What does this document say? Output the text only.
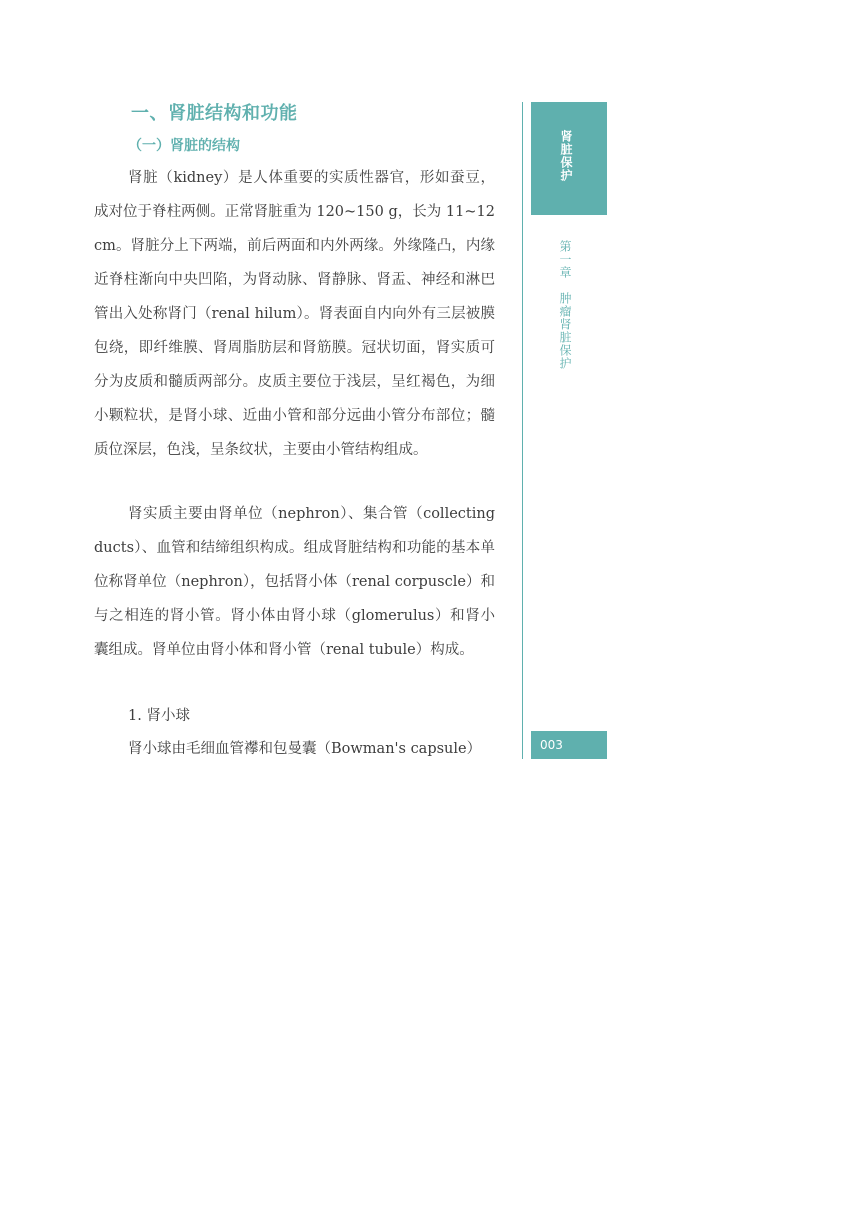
一、肾脏结构和功能
（一）肾脏的结构

肾脏（kidney）是人体重要的实质性器官，形如蚕豆，成对位于脊柱两侧。正常肾脏重为 120~150 g，长为 11~12 cm。肾脏分上下两端，前后两面和内外两缘。外缘隆凸，内缘近脊柱渐向中央凹陷，为肾动脉、肾静脉、肾盂、神经和淋巴管出入处称肾门（renal hilum）。肾表面自内向外有三层被膜包绕，即纤维膜、肾周脂肪层和肾筋膜。冠状切面，肾实质可分为皮质和髓质两部分。皮质主要位于浅层，呈红褐色，为细小颗粒状，是肾小球、近曲小管和部分远曲小管分布部位；髓质位深层，色浅，呈条纹状，主要由小管结构组成。

肾实质主要由肾单位（nephron）、集合管（collecting ducts）、血管和结缔组织构成。组成肾脏结构和功能的基本单位称肾单位（nephron），包括肾小体（renal corpuscle）和与之相连的肾小管。肾小体由肾小球（glomerulus）和肾小囊组成。肾单位由肾小体和肾小管（renal tubule）构成。

1. 肾小球

肾小球由毛细血管襻和包曼囊（Bowman's capsule）

肾脏保护
第一章　肿瘤肾脏保护
003
